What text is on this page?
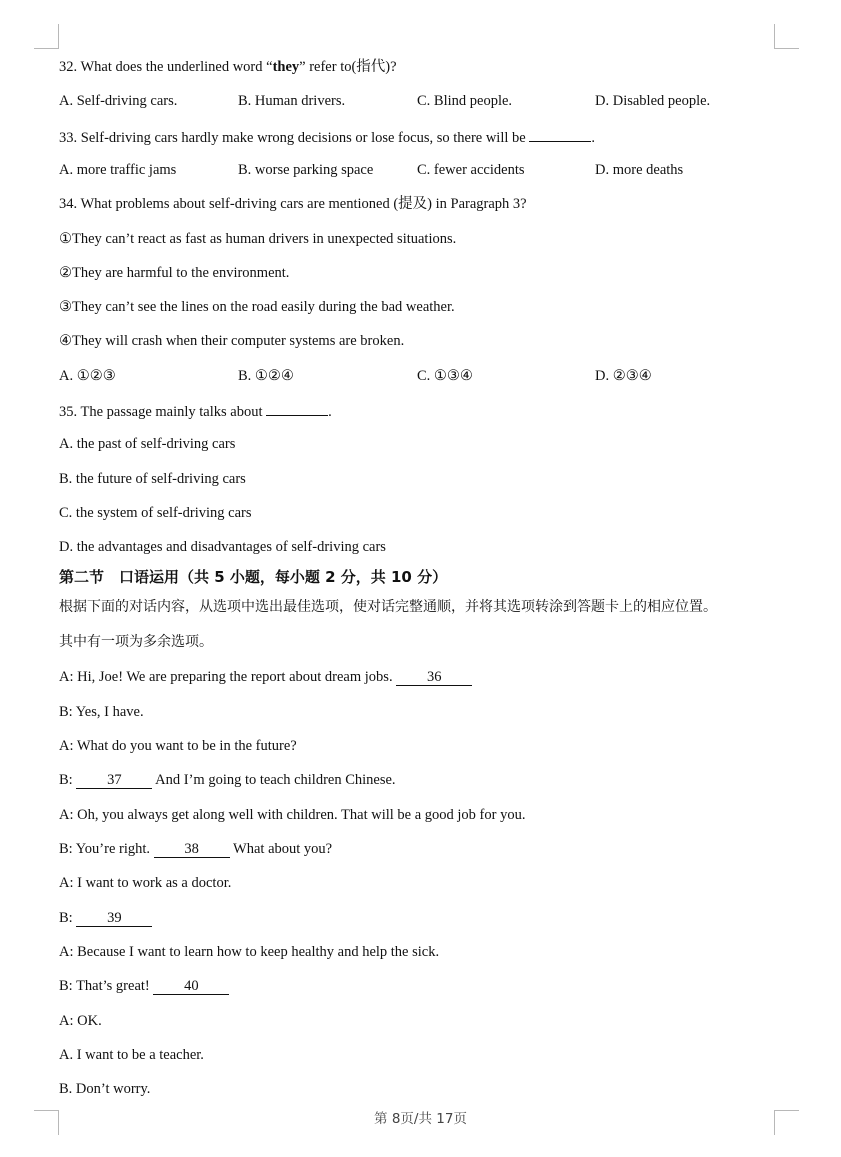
32. What does the underlined word “they” refer to(指代)?
A. Self-driving cars.	B. Human drivers.	C. Blind people.	D. Disabled people.
33. Self-driving cars hardly make wrong decisions or lose focus, so there will be	.
A. more traffic jams	B. worse parking space	C. fewer accidents	D. more deaths
34. What problems about self-driving cars are mentioned (提及) in Paragraph 3?
①They can’t react as fast as human drivers in unexpected situations.
②They are harmful to the environment.
③They can’t see the lines on the road easily during the bad weather.
④They will crash when their computer systems are broken.
A. ①②③	B. ①②④	C. ①③④	D. ②③④
35. The passage mainly talks about	.
A. the past of self-driving cars
B. the future of self-driving cars
C. the system of self-driving cars
D. the advantages and disadvantages of self-driving cars
第二节　口语运用（共 5 小题，每小题 2 分，共 10 分）
根据下面的对话内容，从选项中选出最佳选项，使对话完整通顺，并将其选项转涂到答题卡上的相应位置。
其中有一项为多余选项。
A: Hi, Joe! We are preparing the report about dream jobs. 36
B: Yes, I have.
A: What do you want to be in the future?
B: 37 And I’m going to teach children Chinese.
A: Oh, you always get along well with children. That will be a good job for you.
B: You’re right. 38 What about you?
A: I want to work as a doctor.
B: 39
A: Because I want to learn how to keep healthy and help the sick.
B: That’s great! 40
A: OK.
A. I want to be a teacher.
B. Don’t worry.
第 8页/共 17页
